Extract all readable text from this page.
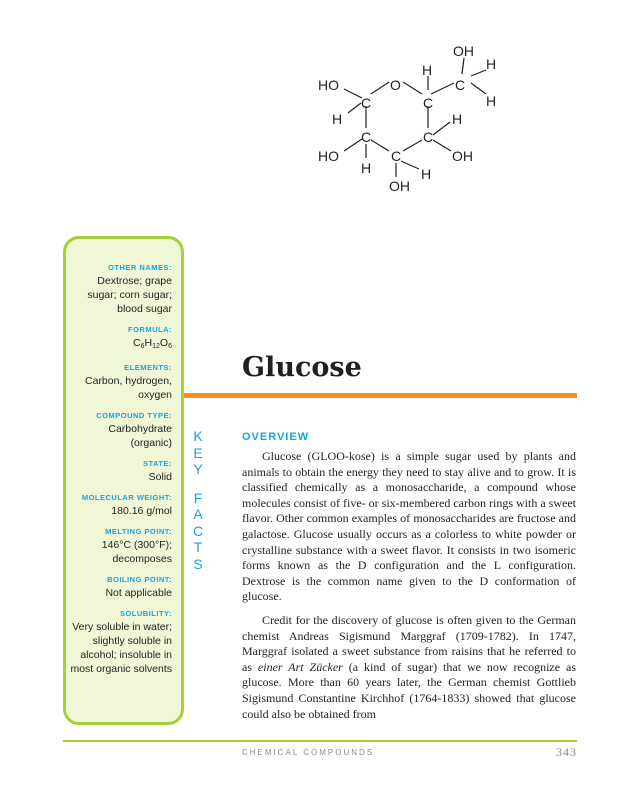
OH
H	H
H
HO	O
C	C
C
H	H
C	C
HO
H
C	OH
H
OH
OTHER NAMES:
Dextrose; grape
sugar; corn sugar;
blood sugar
FORMULA:
$C_6H_{12}O_6$
ELEMENTS:
Carbon, hydrogen,
oxygen
COMPOUND TYPE:
Carbohydrate
(organic)
STATE:
Solid
MOLECULAR WEIGHT:
180.16 g/mol
MELTING POINT:
146°C (300°F);
decomposes
BOILING POINT:
Not applicable
SOLUBILITY:
Very soluble in water;
slightly soluble in
alcohol; insoluble in
most organic solvents
K
E
Y
F
A
C
T
S
Glucose
OVERVIEW

Glucose (GLOO-kose) is a simple sugar used by plants and animals to obtain the energy they need to stay alive and to grow. It is classified chemically as a monosaccharide, a compound whose molecules consist of five- or six-membered carbon rings with a sweet flavor. Other common examples of monosaccharides are fructose and galactose. Glucose usually occurs as a colorless to white powder or crystalline substance with a sweet flavor. It consists in two isomeric forms known as the D configuration and the L configuration. Dextrose is the common name given to the D conformation of glucose.

Credit for the discovery of glucose is often given to the German chemist Andreas Sigismund Marggraf (1709-1782). In 1747, Marggraf isolated a sweet substance from raisins that he referred to as einer Art Zücker (a kind of sugar) that we now recognize as glucose. More than 60 years later, the German chemist Gottlieb Sigismund Constantine Kirchhof (1764-1833) showed that glucose could also be obtained from

CHEMICAL COMPOUNDS	343
